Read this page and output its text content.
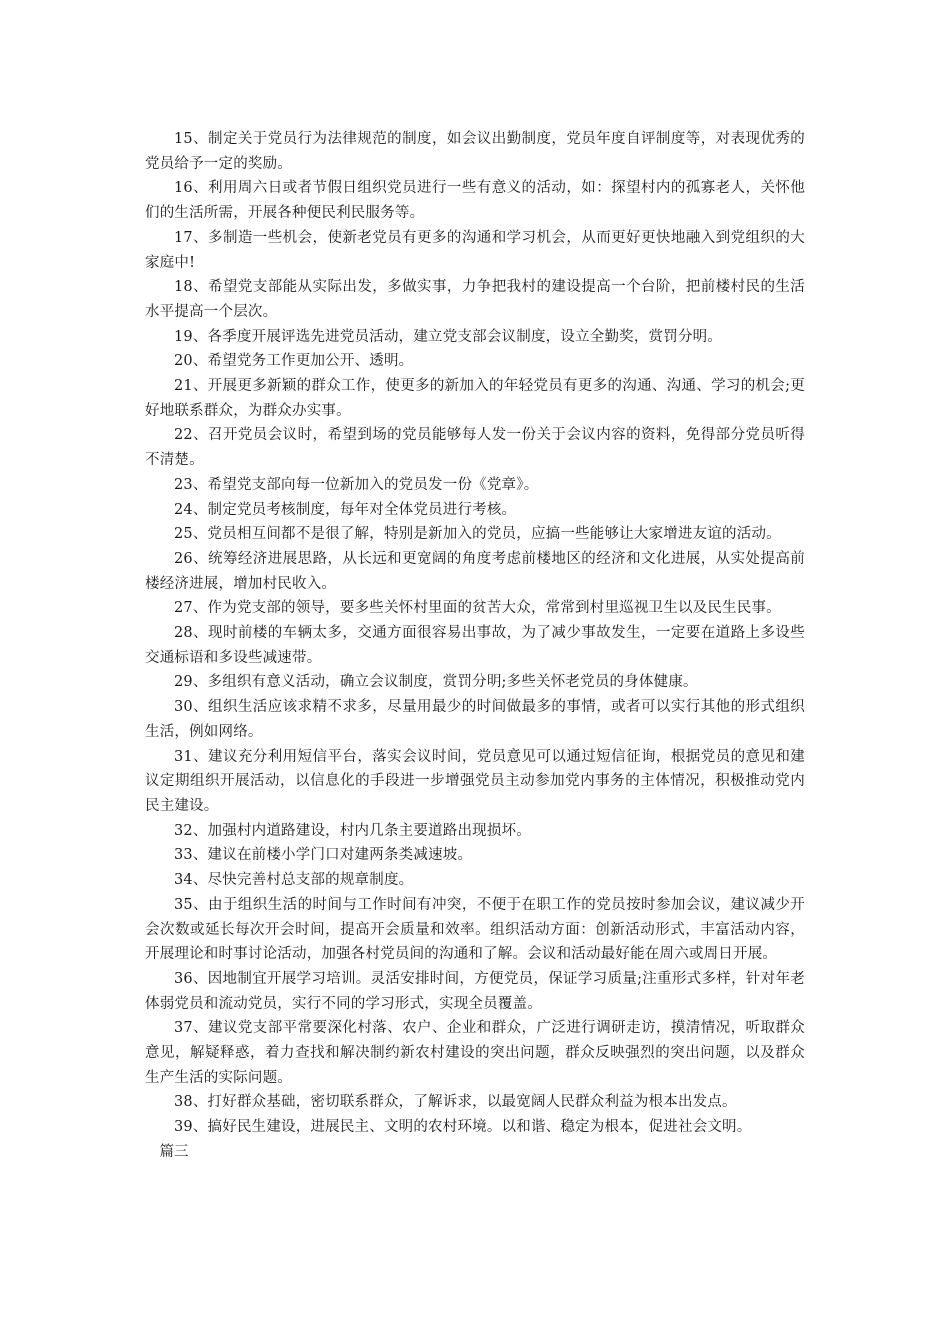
15、制定关于党员行为法律规范的制度，如会议出勤制度，党员年度自评制度等，对表现优秀的党员给予一定的奖励。

16、利用周六日或者节假日组织党员进行一些有意义的活动，如：探望村内的孤寡老人，关怀他们的生活所需，开展各种便民利民服务等。

17、多制造一些机会，使新老党员有更多的沟通和学习机会，从而更好更快地融入到党组织的大家庭中!

18、希望党支部能从实际出发，多做实事，力争把我村的建设提高一个台阶，把前楼村民的生活水平提高一个层次。

19、各季度开展评选先进党员活动，建立党支部会议制度，设立全勤奖，赏罚分明。

20、希望党务工作更加公开、透明。

21、开展更多新颖的群众工作，使更多的新加入的年轻党员有更多的沟通、沟通、学习的机会;更好地联系群众，为群众办实事。

22、召开党员会议时，希望到场的党员能够每人发一份关于会议内容的资料，免得部分党员听得不清楚。

23、希望党支部向每一位新加入的党员发一份《党章》。

24、制定党员考核制度，每年对全体党员进行考核。

25、党员相互间都不是很了解，特别是新加入的党员，应搞一些能够让大家增进友谊的活动。

26、统筹经济进展思路，从长远和更宽阔的角度考虑前楼地区的经济和文化进展，从实处提高前楼经济进展，增加村民收入。

27、作为党支部的领导，要多些关怀村里面的贫苦大众，常常到村里巡视卫生以及民生民事。

28、现时前楼的车辆太多，交通方面很容易出事故，为了减少事故发生，一定要在道路上多设些交通标语和多设些减速带。

29、多组织有意义活动，确立会议制度，赏罚分明;多些关怀老党员的身体健康。

30、组织生活应该求精不求多，尽量用最少的时间做最多的事情，或者可以实行其他的形式组织生活，例如网络。

31、建议充分利用短信平台，落实会议时间，党员意见可以通过短信征询，根据党员的意见和建议定期组织开展活动，以信息化的手段进一步增强党员主动参加党内事务的主体情况，积极推动党内民主建设。

32、加强村内道路建设，村内几条主要道路出现损坏。

33、建议在前楼小学门口对建两条类减速坡。

34、尽快完善村总支部的规章制度。

35、由于组织生活的时间与工作时间有冲突，不便于在职工作的党员按时参加会议，建议减少开会次数或延长每次开会时间，提高开会质量和效率。组织活动方面：创新活动形式，丰富活动内容，开展理论和时事讨论活动，加强各村党员间的沟通和了解。会议和活动最好能在周六或周日开展。

36、因地制宜开展学习培训。灵活安排时间，方便党员，保证学习质量;注重形式多样，针对年老体弱党员和流动党员，实行不同的学习形式，实现全员覆盖。

37、建议党支部平常要深化村落、农户、企业和群众，广泛进行调研走访，摸清情况，听取群众意见，解疑释惑，着力查找和解决制约新农村建设的突出问题，群众反映强烈的突出问题，以及群众生产生活的实际问题。

38、打好群众基础，密切联系群众，了解诉求，以最宽阔人民群众利益为根本出发点。

39、搞好民生建设，进展民主、文明的农村环境。以和谐、稳定为根本，促进社会文明。

篇三
